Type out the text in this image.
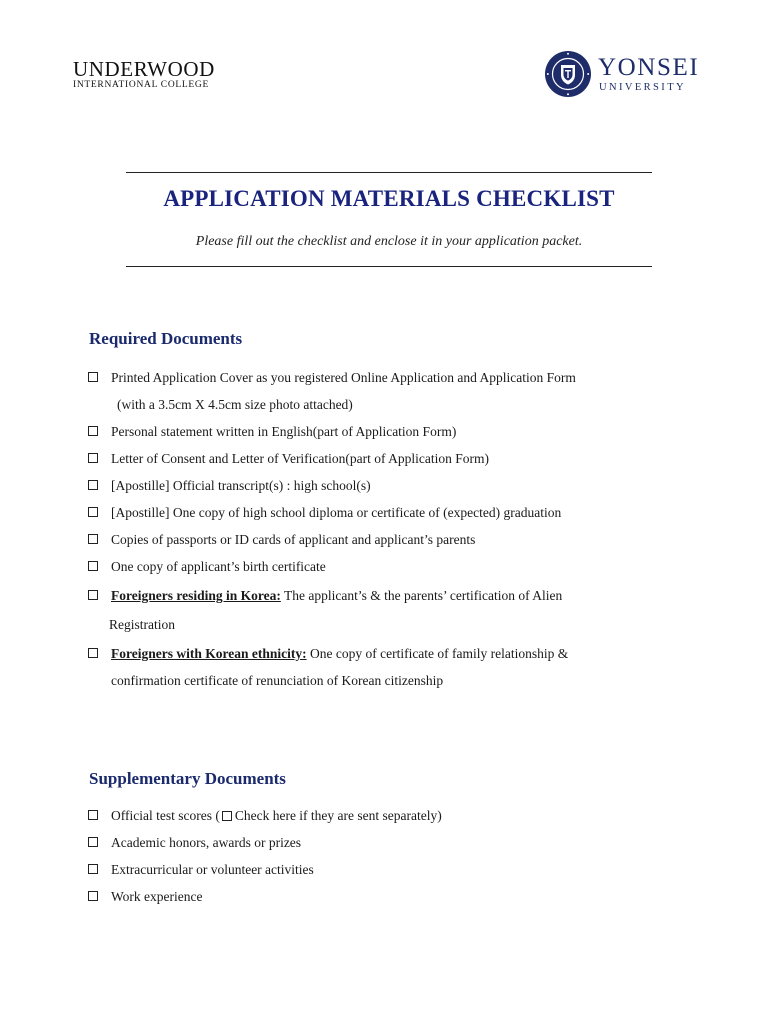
UNDERWOOD
INTERNATIONAL COLLEGE
YONSEI
UNIVERSITY
APPLICATION MATERIALS CHECKLIST
Please fill out the checklist and enclose it in your application packet.
Required Documents
Printed Application Cover as you registered Online Application and Application Form
(with a 3.5cm X 4.5cm size photo attached)
Personal statement written in English(part of Application Form)
Letter of Consent and Letter of Verification(part of Application Form)
[Apostille] Official transcript(s) : high school(s)
[Apostille] One copy of high school diploma or certificate of (expected) graduation
Copies of passports or ID cards of applicant and applicant’s parents
One copy of applicant’s birth certificate
Foreigners residing in Korea: The applicant’s & the parents’ certification of Alien
Registration
Foreigners with Korean ethnicity: One copy of certificate of family relationship &
confirmation certificate of renunciation of Korean citizenship
Supplementary Documents
Official test scores ( Check here if they are sent separately)
Academic honors, awards or prizes
Extracurricular or volunteer activities
Work experience
